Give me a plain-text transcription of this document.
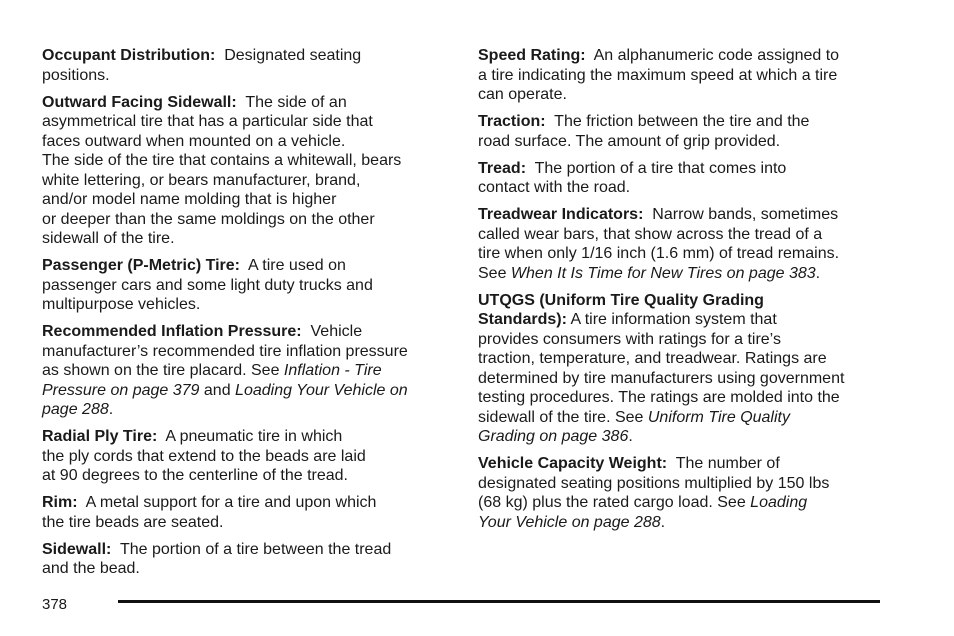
Occupant Distribution: Designated seating
positions.

Outward Facing Sidewall: The side of an
asymmetrical tire that has a particular side that
faces outward when mounted on a vehicle.
The side of the tire that contains a whitewall, bears
white lettering, or bears manufacturer, brand,
and/or model name molding that is higher
or deeper than the same moldings on the other
sidewall of the tire.

Passenger (P-Metric) Tire: A tire used on
passenger cars and some light duty trucks and
multipurpose vehicles.

Recommended Inflation Pressure: Vehicle
manufacturer’s recommended tire inflation pressure
as shown on the tire placard. See Inflation - Tire
Pressure on page 379 and Loading Your Vehicle on
page 288.

Radial Ply Tire: A pneumatic tire in which
the ply cords that extend to the beads are laid
at 90 degrees to the centerline of the tread.

Rim: A metal support for a tire and upon which
the tire beads are seated.

Sidewall: The portion of a tire between the tread
and the bead.

Speed Rating: An alphanumeric code assigned to
a tire indicating the maximum speed at which a tire
can operate.

Traction: The friction between the tire and the
road surface. The amount of grip provided.

Tread: The portion of a tire that comes into
contact with the road.

Treadwear Indicators: Narrow bands, sometimes
called wear bars, that show across the tread of a
tire when only 1/16 inch (1.6 mm) of tread remains.
See When It Is Time for New Tires on page 383.

UTQGS (Uniform Tire Quality Grading
Standards): A tire information system that
provides consumers with ratings for a tire’s
traction, temperature, and treadwear. Ratings are
determined by tire manufacturers using government
testing procedures. The ratings are molded into the
sidewall of the tire. See Uniform Tire Quality
Grading on page 386.

Vehicle Capacity Weight: The number of
designated seating positions multiplied by 150 lbs
(68 kg) plus the rated cargo load. See Loading
Your Vehicle on page 288.

378
